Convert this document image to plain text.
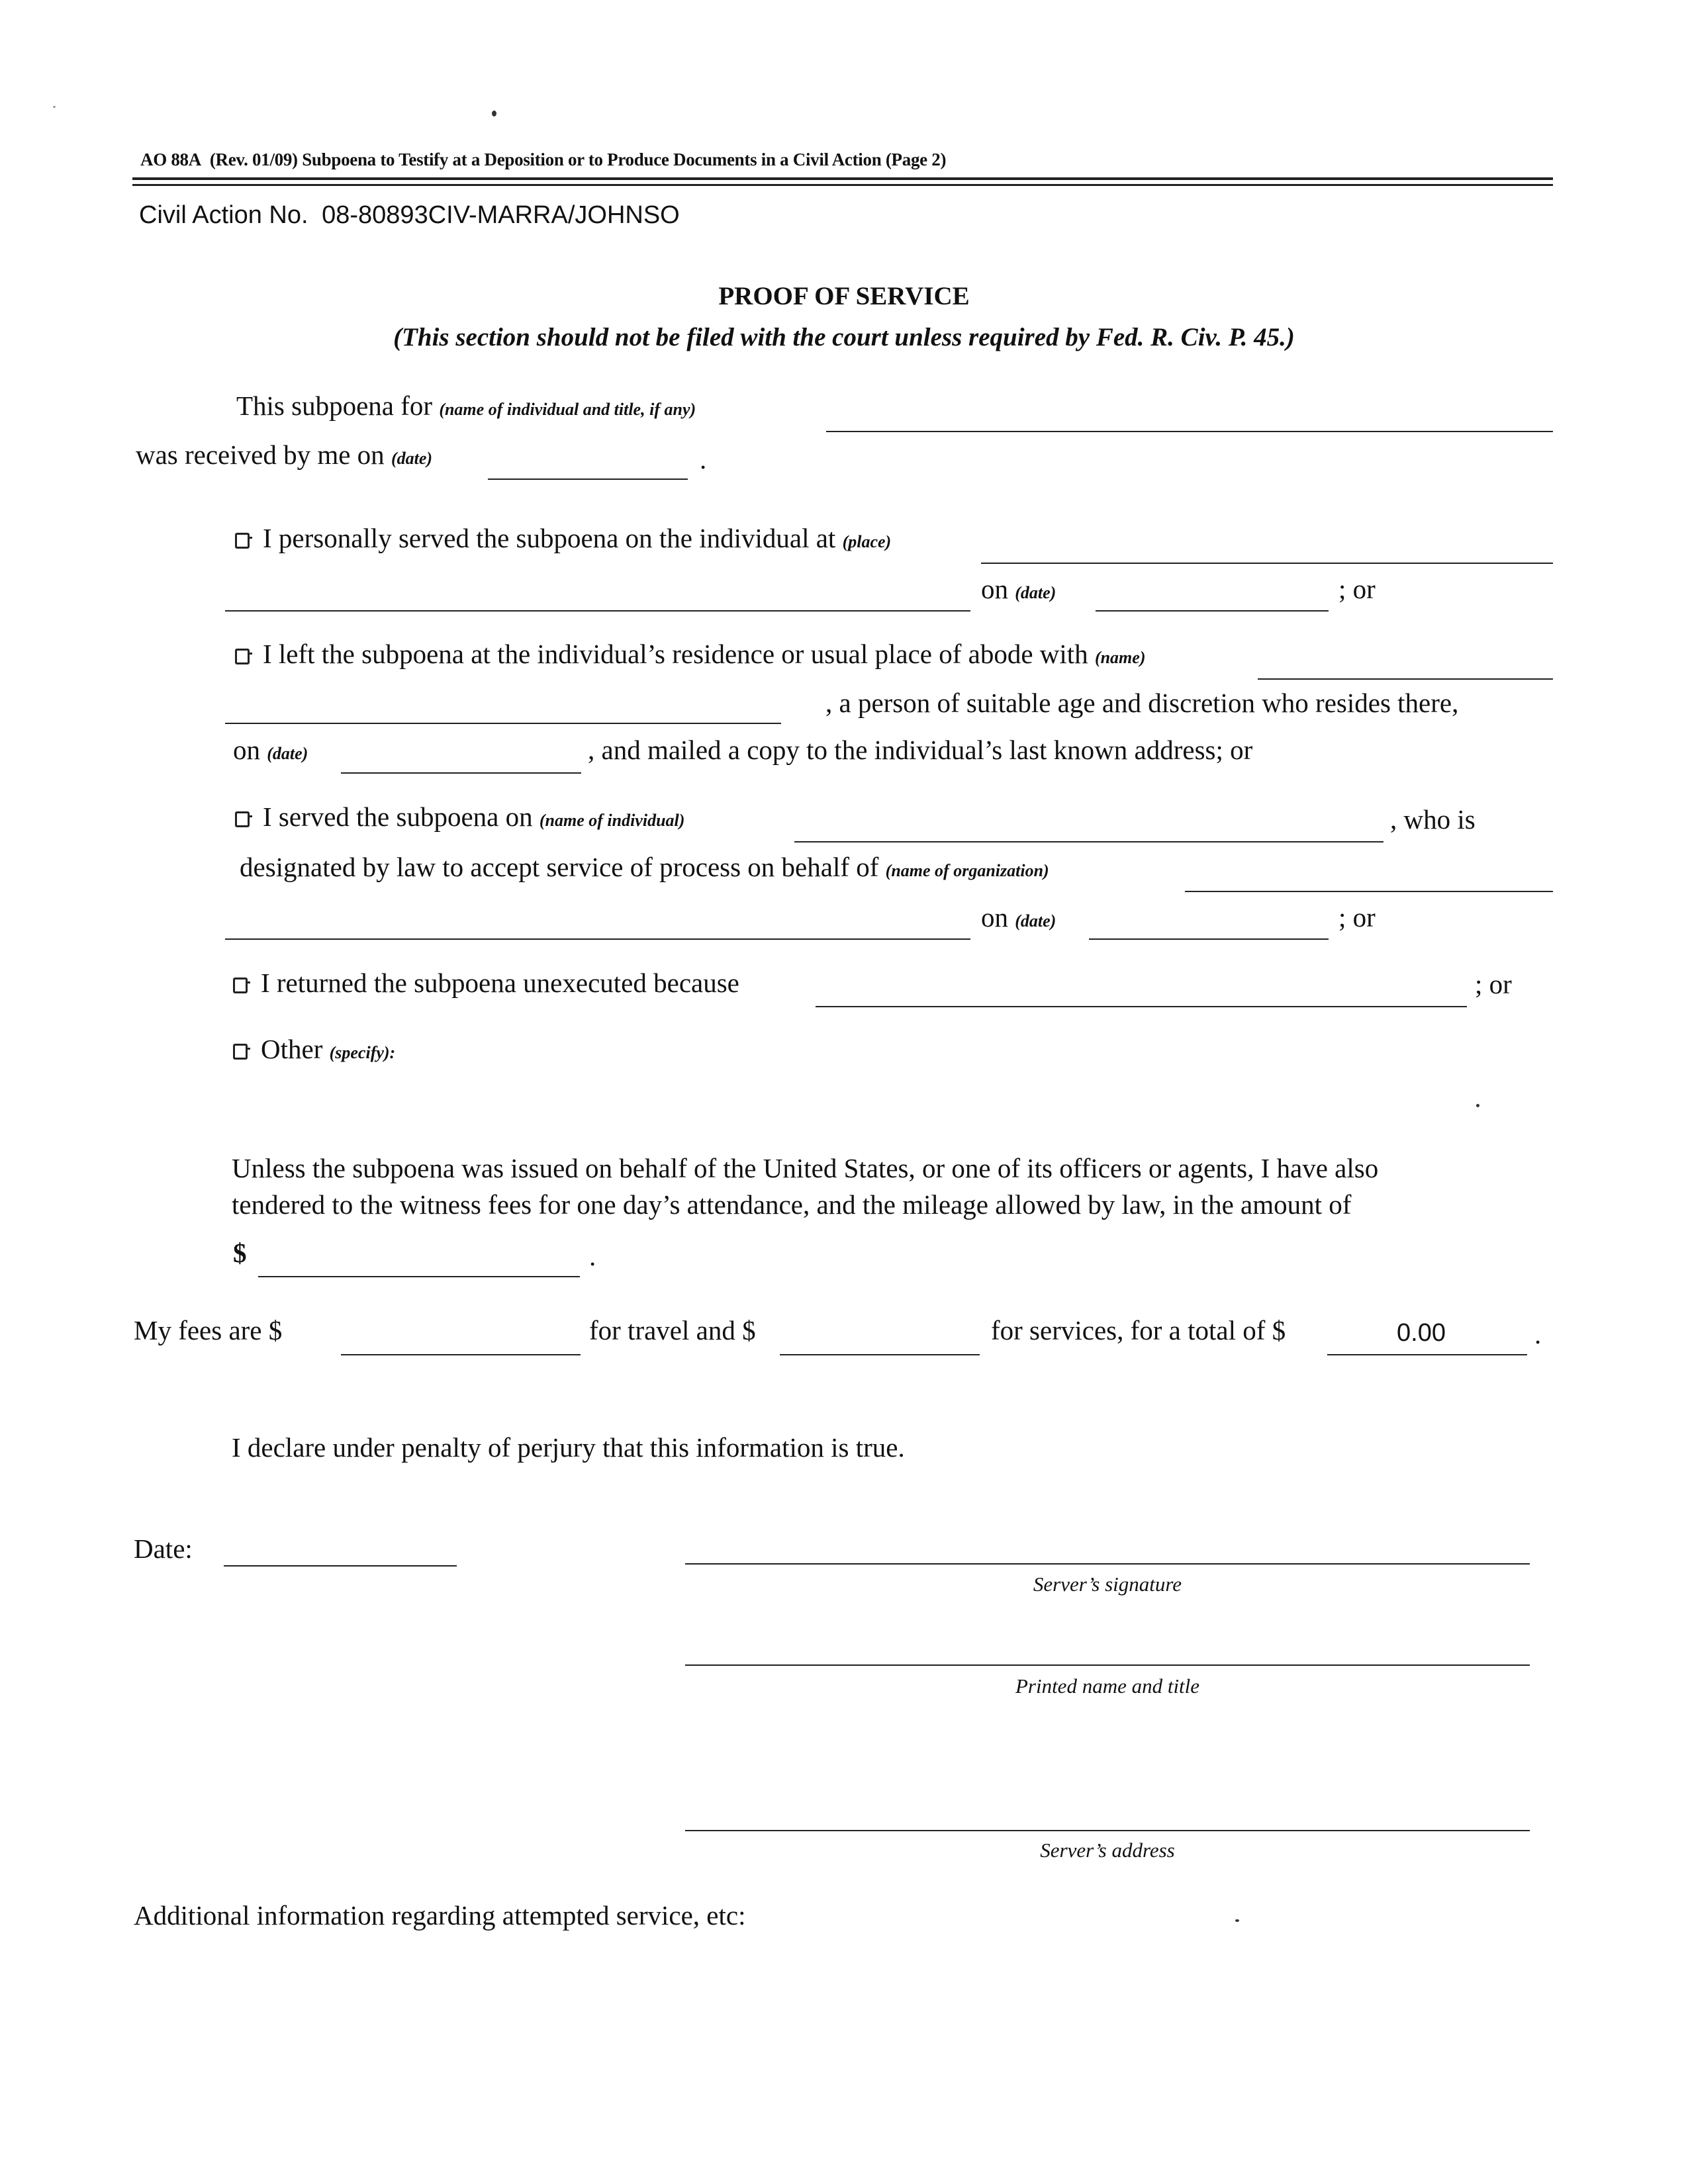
AO 88A (Rev. 01/09) Subpoena to Testify at a Deposition or to Produce Documents in a Civil Action (Page 2)
Civil Action No. 08-80893CIV-MARRA/JOHNSO
PROOF OF SERVICE
(This section should not be filed with the court unless required by Fed. R. Civ. P. 45.)
This subpoena for (name of individual and title, if any)
was received by me on (date)	.
I personally served the subpoena on the individual at (place)
on (date)	; or
I left the subpoena at the individual’s residence or usual place of abode with (name)
, a person of suitable age and discretion who resides there,
on (date)	, and mailed a copy to the individual’s last known address; or
I served the subpoena on (name of individual)	, who is
designated by law to accept service of process on behalf of (name of organization)
on (date)	; or
I returned the subpoena unexecuted because	; or
Other (specify):
Unless the subpoena was issued on behalf of the United States, or one of its officers or agents, I have also
tendered to the witness fees for one day’s attendance, and the mileage allowed by law, in the amount of
$	.
My fees are $	for travel and $	for services, for a total of $	0.00	.
I declare under penalty of perjury that this information is true.
Date:
Server’s signature
Printed name and title
Server’s address
Additional information regarding attempted service, etc:
